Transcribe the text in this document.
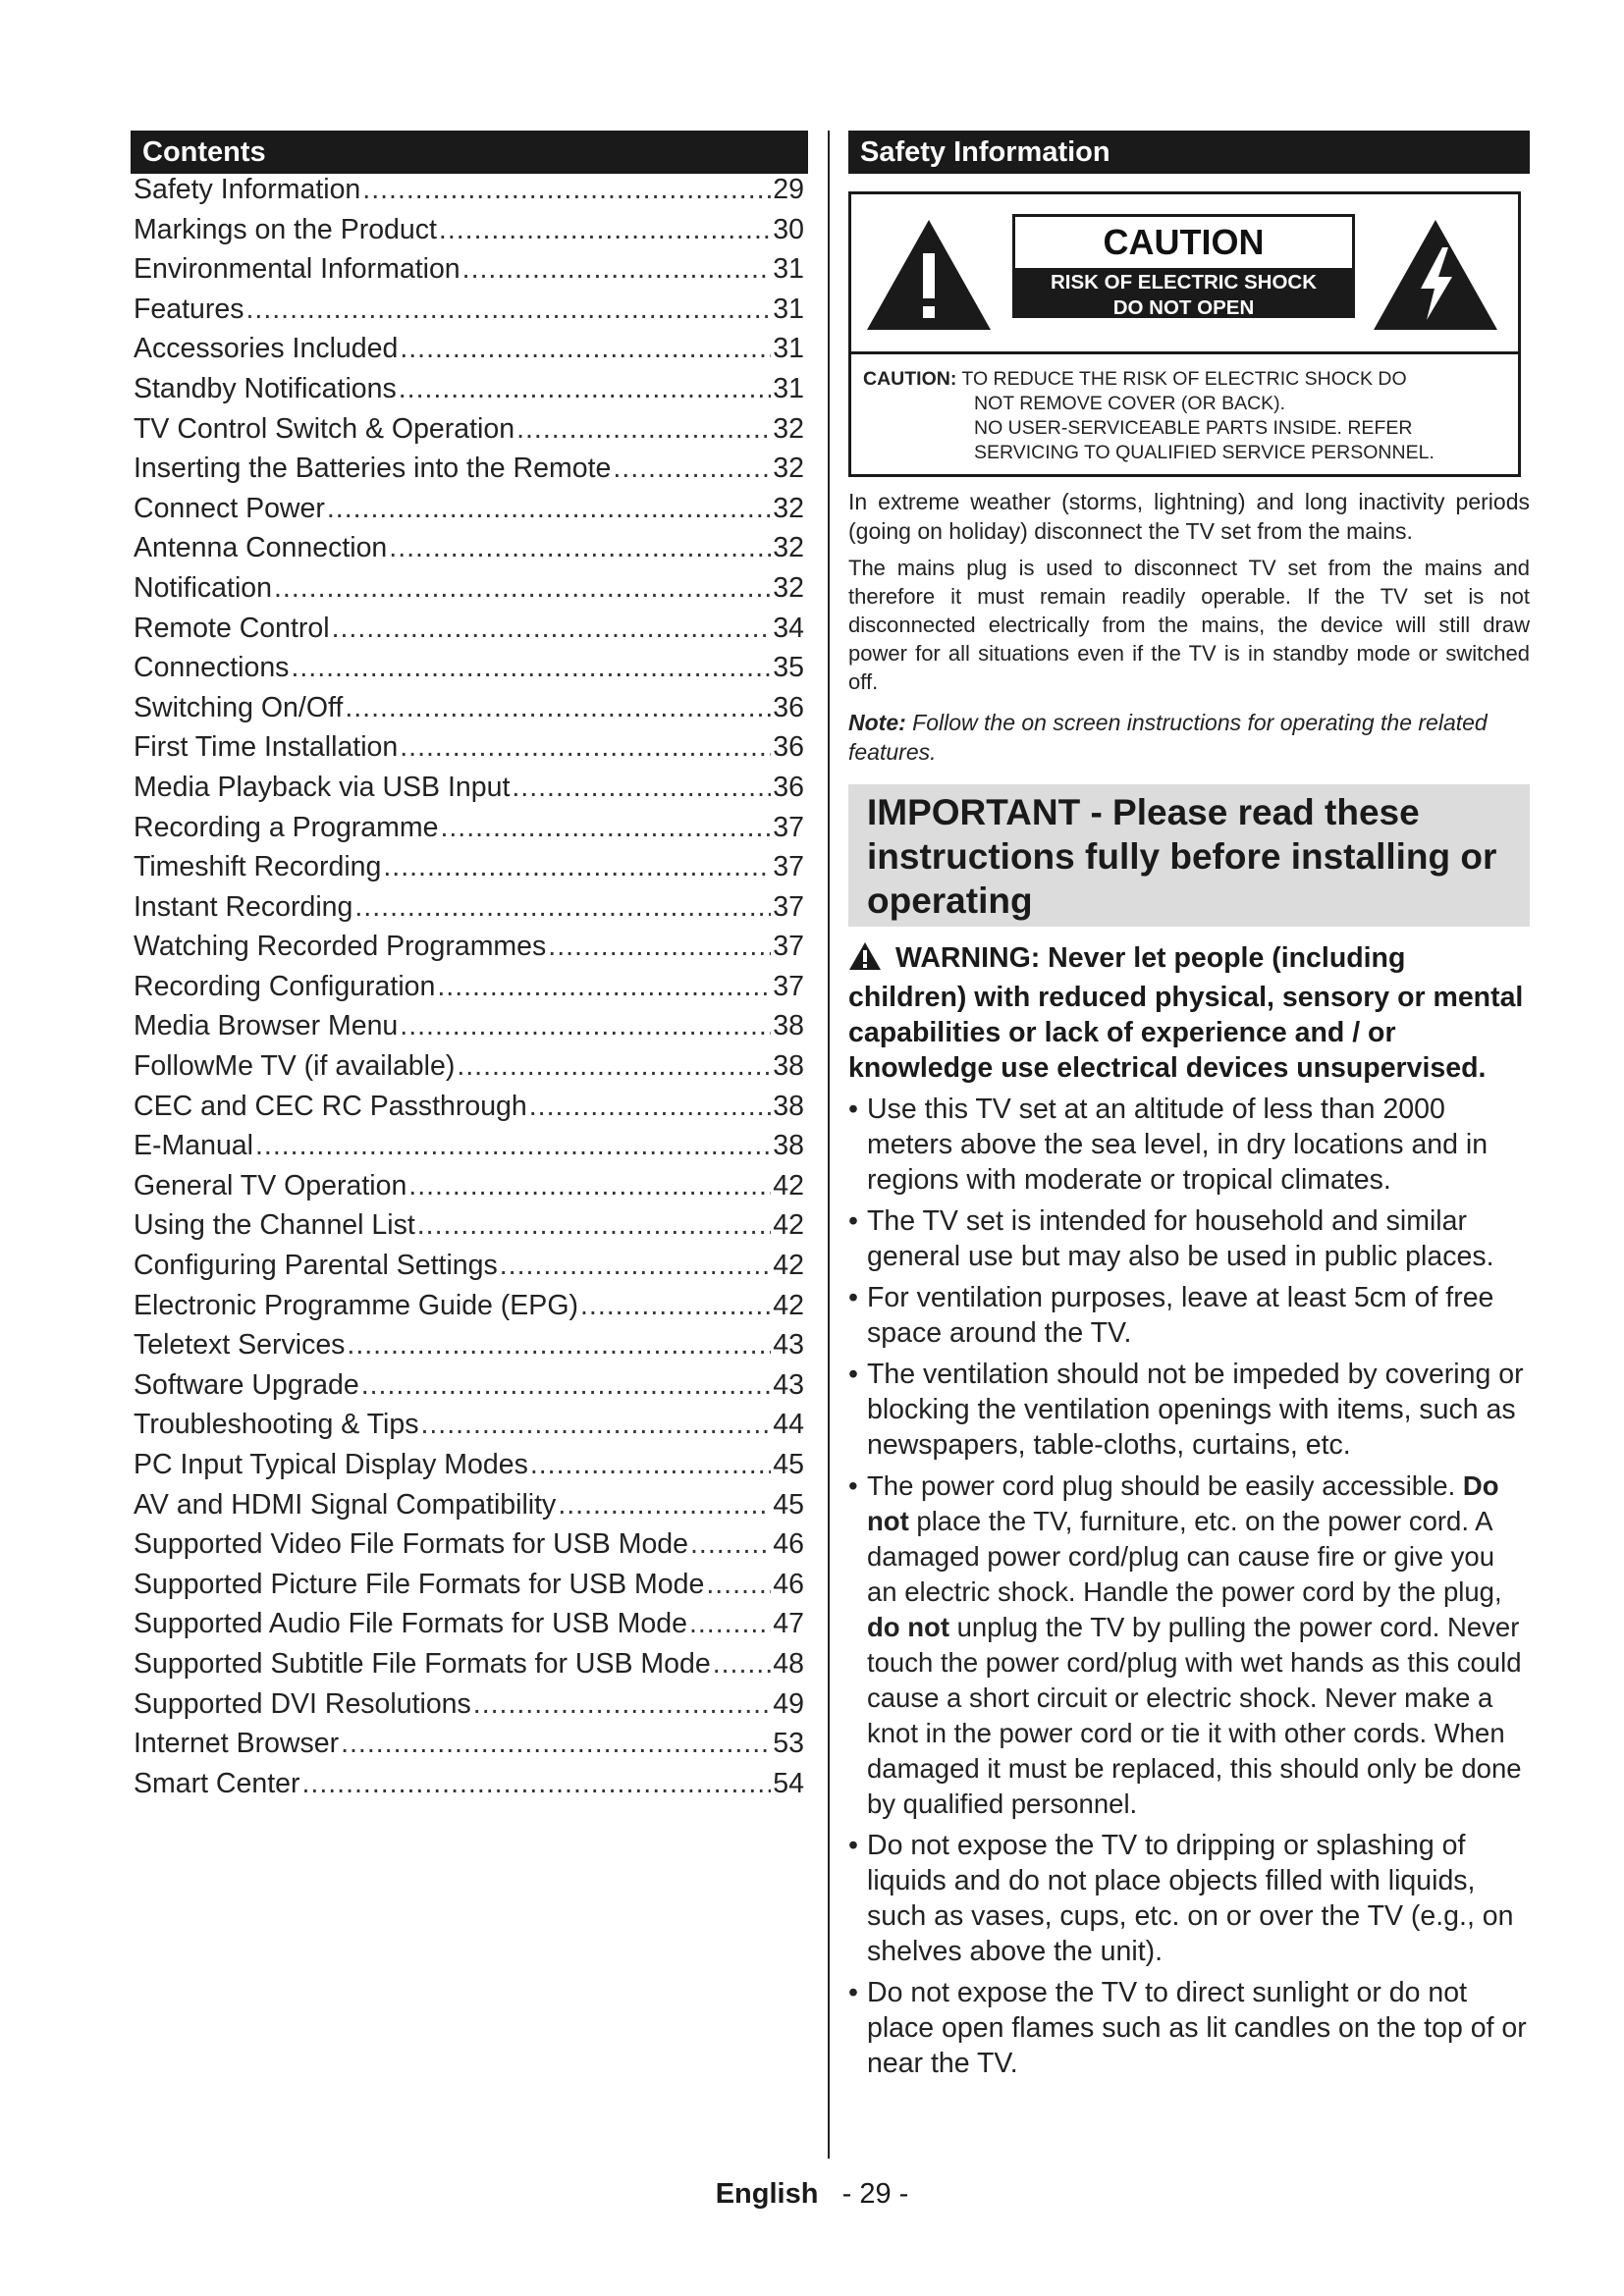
Contents
Safety Information .....	29
Markings on the Product .....	30
Environmental Information .....	31
Features .....	31
Accessories Included .....	31
Standby Notifications .....	31
TV Control Switch & Operation .....	32
Inserting the Batteries into the Remote .....	32
Connect Power .....	32
Antenna Connection .....	32
Notification .....	32
Remote Control .....	34
Connections .....	35
Switching On/Off .....	36
First Time Installation .....	36
Media Playback via USB Input .....	36
Recording a Programme .....	37
Timeshift Recording .....	37
Instant Recording .....	37
Watching Recorded Programmes .....	37
Recording Configuration .....	37
Media Browser Menu .....	38
FollowMe TV (if available) .....	38
CEC and CEC RC Passthrough .....	38
E-Manual .....	38
General TV Operation .....	42
Using the Channel List .....	42
Configuring Parental Settings .....	42
Electronic Programme Guide (EPG) .....	42
Teletext Services .....	43
Software Upgrade .....	43
Troubleshooting & Tips .....	44
PC Input Typical Display Modes .....	45
AV and HDMI Signal Compatibility .....	45
Supported Video File Formats for USB Mode .....	46
Supported Picture File Formats for USB Mode ..... 46
Supported Audio File Formats for USB Mode .....	47
Supported Subtitle File Formats for USB Mode ..... 48
Supported DVI Resolutions .....	49
Internet Browser .....	53
Smart Center .....	54
Safety Information
CAUTION
RISK OF ELECTRIC SHOCK
DO NOT OPEN
CAUTION: TO REDUCE THE RISK OF ELECTRIC SHOCK DO
NOT REMOVE COVER (OR BACK).
NO USER-SERVICEABLE PARTS INSIDE. REFER
SERVICING TO QUALIFIED SERVICE PERSONNEL.

In extreme weather (storms, lightning) and long inactivity periods (going on holiday) disconnect the TV set from the mains.

The mains plug is used to disconnect TV set from the mains and therefore it must remain readily operable. If the TV set is not disconnected electrically from the mains, the device will still draw power for all situations even if the TV is in standby mode or switched off.

Note: Follow the on screen instructions for operating the related features.

IMPORTANT - Please read these instructions fully before installing or operating
WARNING: Never let people (including children) with reduced physical, sensory or mental capabilities or lack of experience and / or knowledge use electrical devices unsupervised.
• Use this TV set at an altitude of less than 2000 meters above the sea level, in dry locations and in regions with moderate or tropical climates.
• The TV set is intended for household and similar general use but may also be used in public places.
• For ventilation purposes, leave at least 5cm of free space around the TV.
• The ventilation should not be impeded by covering or blocking the ventilation openings with items, such as newspapers, table-cloths, curtains, etc.
• The power cord plug should be easily accessible. Do not place the TV, furniture, etc. on the power cord. A damaged power cord/plug can cause fire or give you an electric shock. Handle the power cord by the plug, do not unplug the TV by pulling the power cord. Never touch the power cord/plug with wet hands as this could cause a short circuit or electric shock. Never make a knot in the power cord or tie it with other cords. When damaged it must be replaced, this should only be done by qualified personnel.
• Do not expose the TV to dripping or splashing of liquids and do not place objects filled with liquids, such as vases, cups, etc. on or over the TV (e.g., on shelves above the unit).
• Do not expose the TV to direct sunlight or do not place open flames such as lit candles on the top of or near the TV.
English - 29 -
